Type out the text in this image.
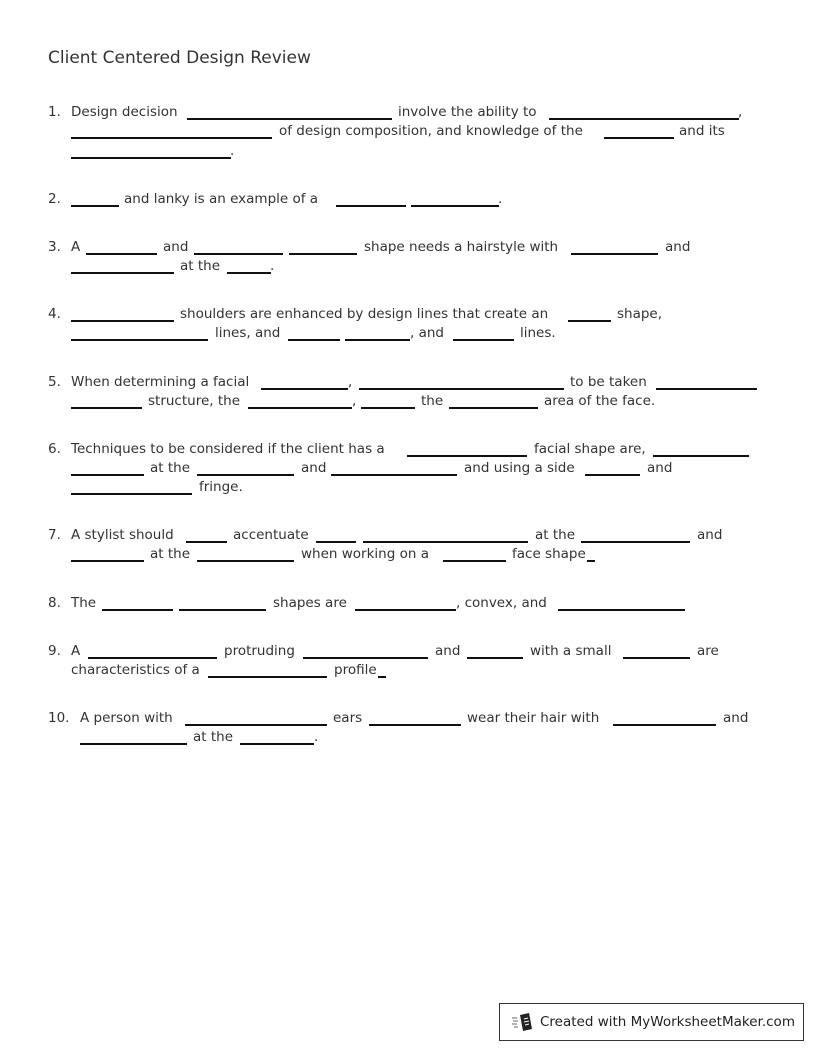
Client Centered Design Review
1. Design decision	involve the ability to	,
of design composition, and knowledge of the	and its
.
2.	and lanky is an example of a	.
3. A	and	shape needs a hairstyle with	and
at the	.
4.	shoulders are enhanced by design lines that create an	shape,
lines, and	, and	lines.
5. When determining a facial	,	to be taken
structure, the	,	the	area of the face.
6. Techniques to be considered if the client has a	facial shape are,
at the	and	and using a side	and
fringe.
7. A stylist should	accentuate	at the	and
at the	when working on a	face shape
8. The	shapes are	, convex, and
9. A	protruding	and	with a small	are
characteristics of a	profile
10. A person with	ears	wear their hair with	and
at the	.
Created with MyWorksheetMaker.com
